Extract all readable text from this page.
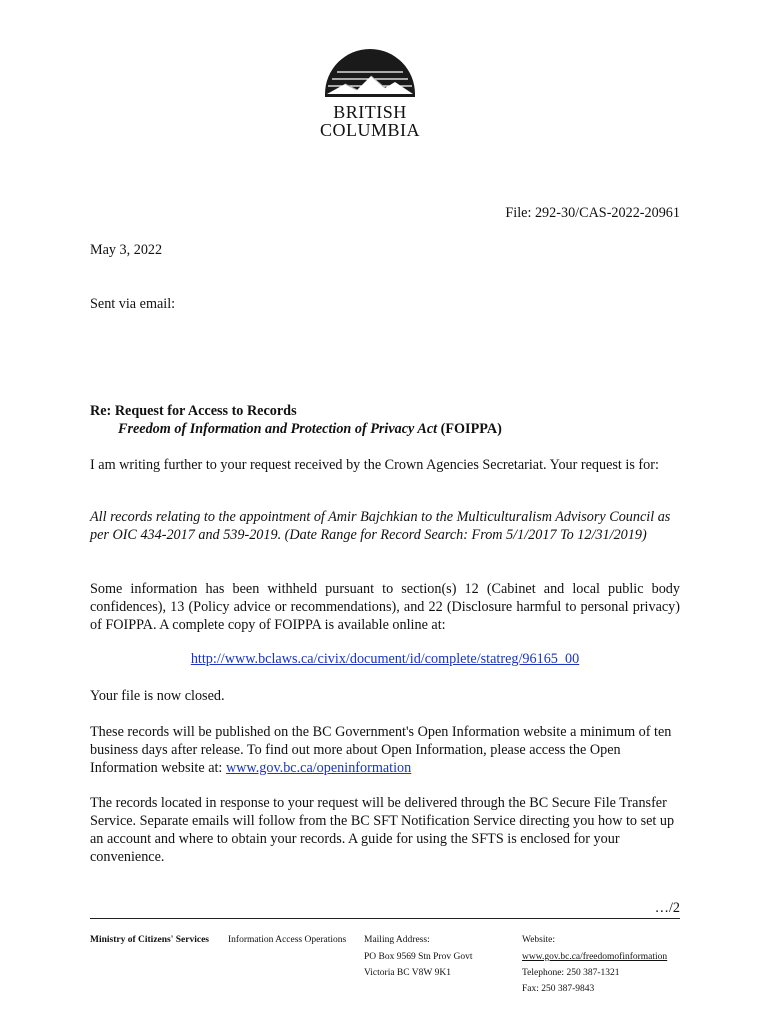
BRITISH
COLUMBIA
File: 292-30/CAS-2022-20961
May 3, 2022
Sent via email:
Re: Request for Access to Records
Freedom of Information and Protection of Privacy Act (FOIPPA)
I am writing further to your request received by the Crown Agencies Secretariat. Your request is for:
All records relating to the appointment of Amir Bajchkian to the Multiculturalism Advisory Council as per OIC 434-2017 and 539-2019. (Date Range for Record Search: From 5/1/2017 To 12/31/2019)
Some information has been withheld pursuant to section(s) 12 (Cabinet and local public body confidences), 13 (Policy advice or recommendations), and 22 (Disclosure harmful to personal privacy) of FOIPPA. A complete copy of FOIPPA is available online at:
http://www.bclaws.ca/civix/document/id/complete/statreg/96165_00
Your file is now closed.
These records will be published on the BC Government's Open Information website a minimum of ten business days after release. To find out more about Open Information, please access the Open Information website at: www.gov.bc.ca/openinformation
The records located in response to your request will be delivered through the BC Secure File Transfer Service. Separate emails will follow from the BC SFT Notification Service directing you how to set up an account and where to obtain your records. A guide for using the SFTS is enclosed for your convenience.
…/2
Ministry of Citizens' Services Information Access Operations Mailing Address:
PO Box 9569 Stn Prov Govt
Victoria BC V8W 9K1
Website:
www.gov.bc.ca/freedomofinformation
Telephone: 250 387-1321
Fax: 250 387-9843
